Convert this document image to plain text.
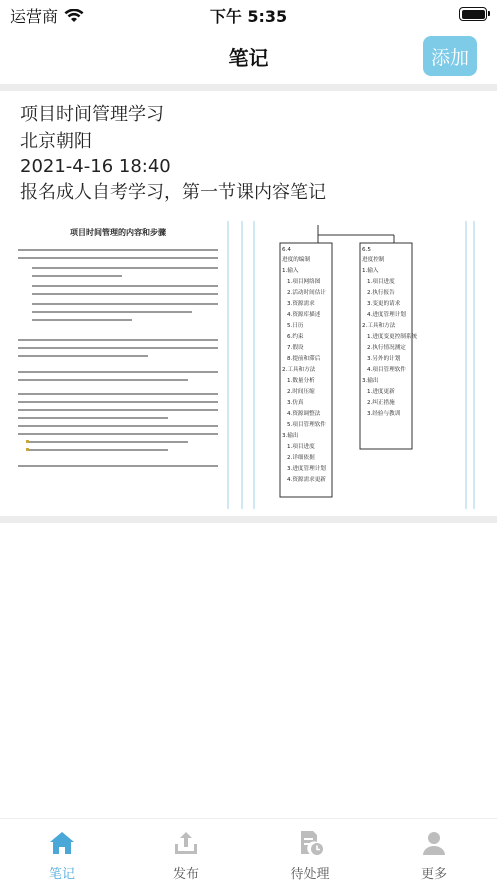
运营商	下午 5:35
笔记	添加
项目时间管理学习
北京朝阳
2021-4-16 18:40
报名成人自考学习，第一节课内容笔记
项目时间管理的内容和步骤
6.4
进度的编制
1.输入
1.项目网络图
2.活动时间估计
3.资源需求
4.资源库描述
5.日历
6.约束
7.假设
8.提前和滞后
2.工具和方法
1.数量分析
2.时间压缩
3.仿真
4.资源调整法
5.项目管理软件
3.输出
1.项目进度
2.详细依据
3.进度管理计划
4.资源需求更新
6.5
进度控制
1.输入
1.项目进度
2.执行报告
3.变更的请求
4.进度管理计划
2.工具和方法
1.进度变更控制系统
2.执行情况测定
3.另外的计划
4.项目管理软件
3.输出
1.进度更新
2.纠正措施
3.经验与教训
笔记	发布	待处理	更多
